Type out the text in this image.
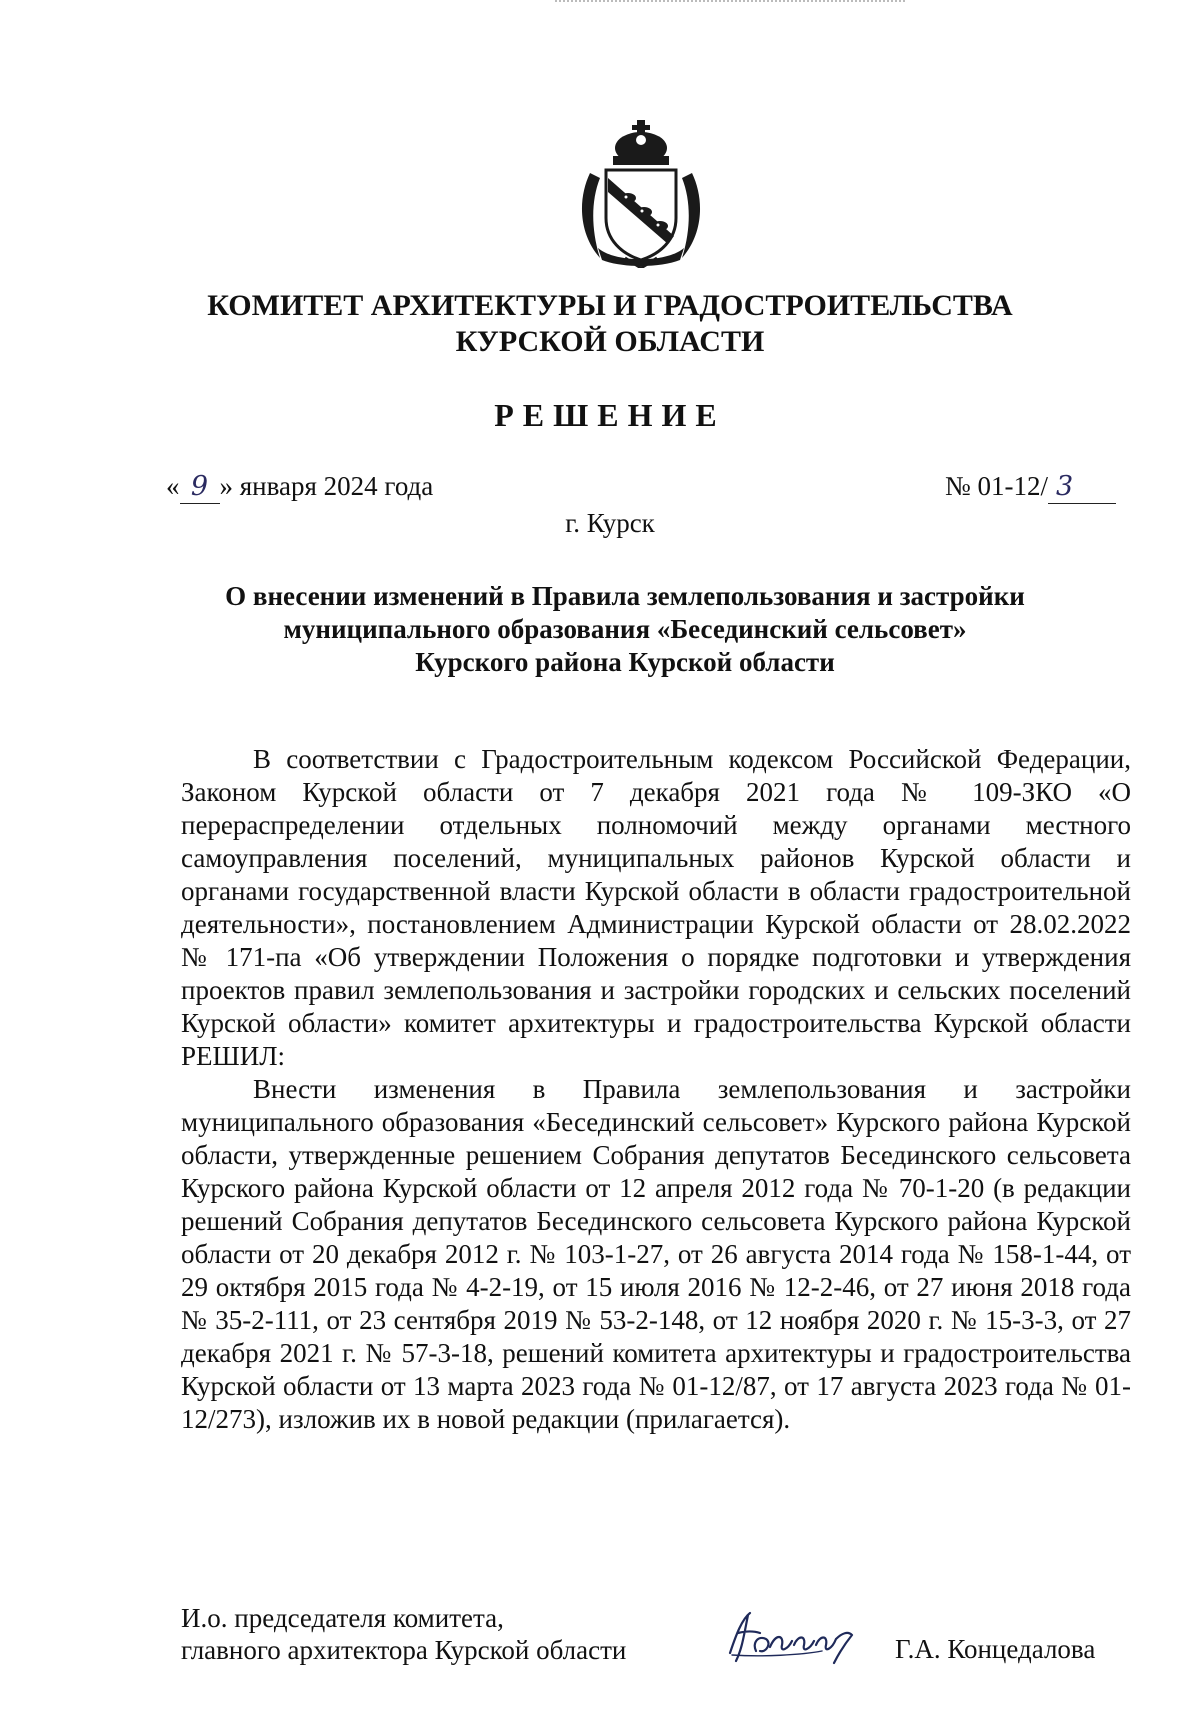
КОМИТЕТ АРХИТЕКТУРЫ И ГРАДОСТРОИТЕЛЬСТВА
КУРСКОЙ ОБЛАСТИ
РЕШЕНИЕ
« 9 » января 2024 года	№ 01-12/ 3
г. Курск
О внесении изменений в Правила землепользования и застройки
муниципального образования «Бесединский сельсовет»
Курского района Курской области

В соответствии с Градостроительным кодексом Российской Федерации, Законом Курской области от 7 декабря 2021 года № 109-ЗКО «О перераспределении отдельных полномочий между органами местного самоуправления поселений, муниципальных районов Курской области и органами государственной власти Курской области в области градостроительной деятельности», постановлением Администрации Курской области от 28.02.2022 № 171-па «Об утверждении Положения о порядке подготовки и утверждения проектов правил землепользования и застройки городских и сельских поселений Курской области» комитет архитектуры и градостроительства Курской области РЕШИЛ:

Внести изменения в Правила землепользования и застройки муниципального образования «Бесединский сельсовет» Курского района Курской области, утвержденные решением Собрания депутатов Бесединского сельсовета Курского района Курской области от 12 апреля 2012 года № 70-1-20 (в редакции решений Собрания депутатов Бесединского сельсовета Курского района Курской области от 20 декабря 2012 г. № 103-1-27, от 26 августа 2014 года № 158-1-44, от 29 октября 2015 года № 4-2-19, от 15 июля 2016 № 12-2-46, от 27 июня 2018 года № 35-2-111, от 23 сентября 2019 № 53-2-148, от 12 ноября 2020 г. № 15-3-3, от 27 декабря 2021 г. № 57-3-18, решений комитета архитектуры и градостроительства Курской области от 13 марта 2023 года № 01-12/87, от 17 августа 2023 года № 01-12/273), изложив их в новой редакции (прилагается).

И.о. председателя комитета,
главного архитектора Курской области	Г.А. Концедалова
